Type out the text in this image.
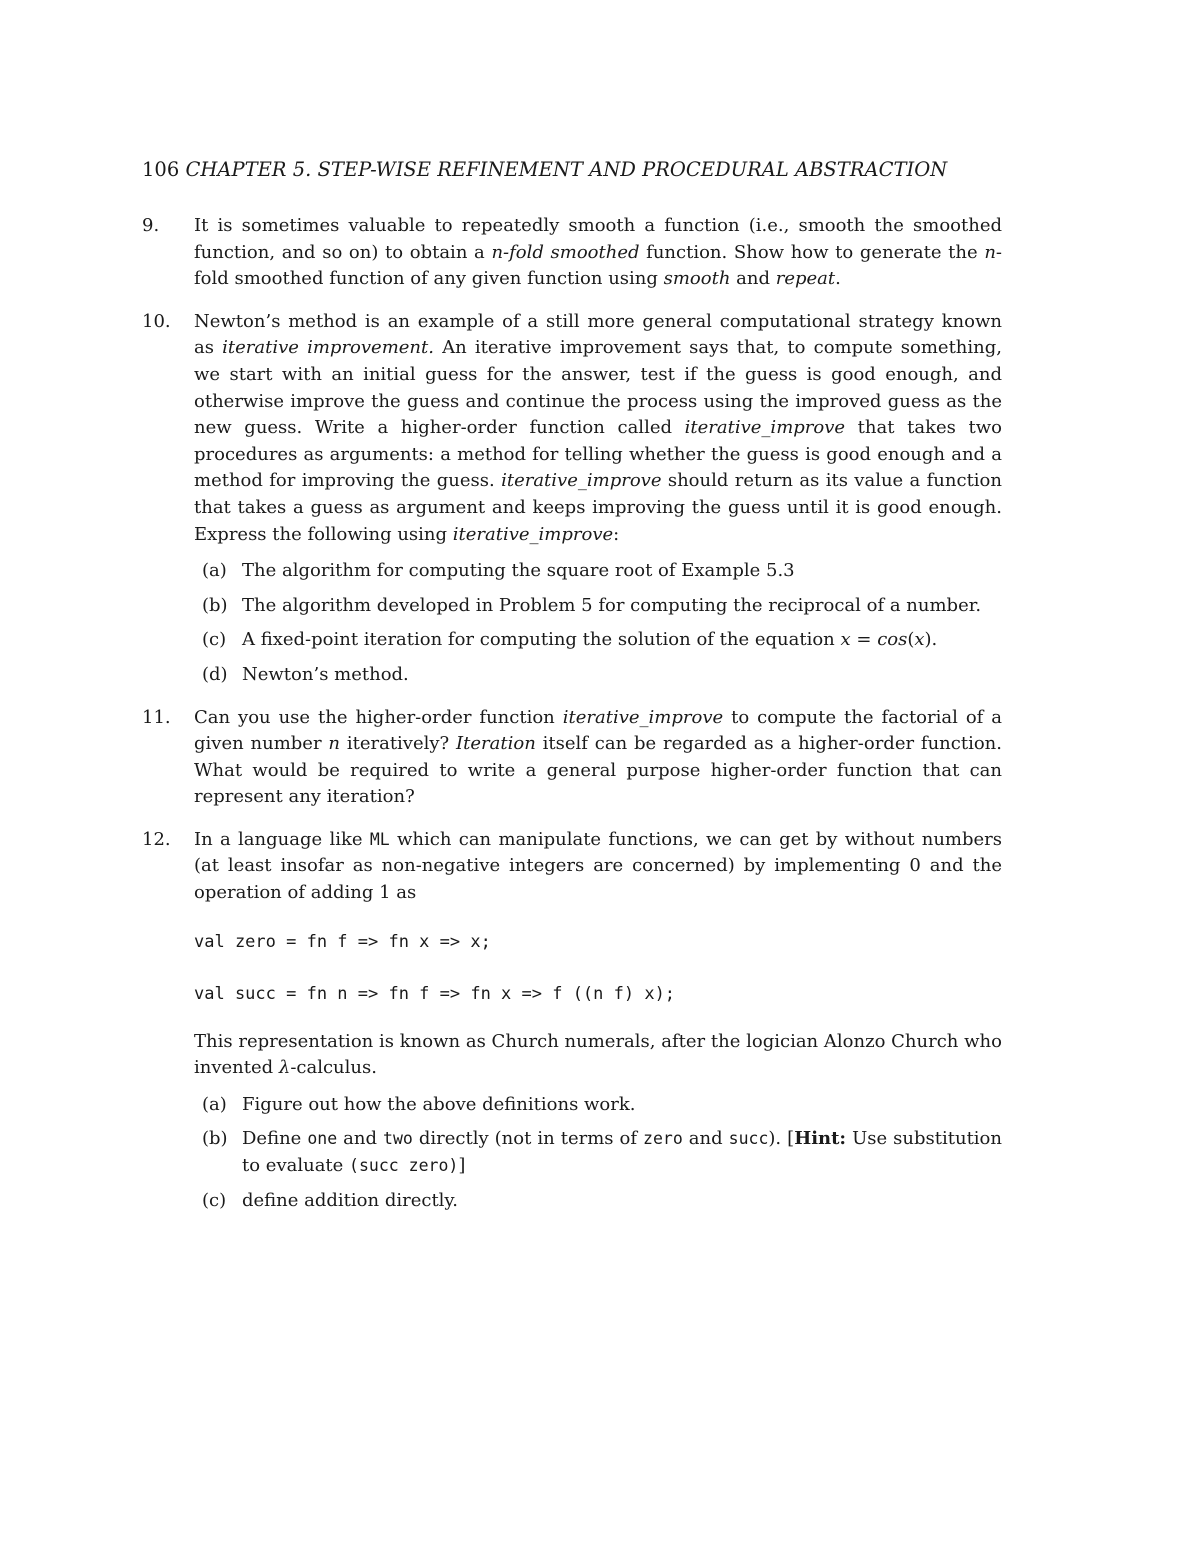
106 CHAPTER 5. STEP-WISE REFINEMENT AND PROCEDURAL ABSTRACTION
9.	It is sometimes valuable to repeatedly smooth a function (i.e., smooth the smoothed function, and so on) to obtain a n-fold smoothed function. Show how to generate the n-fold smoothed function of any given function using smooth and repeat.
10.	Newton’s method is an example of a still more general computational strategy known as iterative improvement. An iterative improvement says that, to compute something, we start with an initial guess for the answer, test if the guess is good enough, and otherwise improve the guess and continue the process using the improved guess as the new guess. Write a higher-order function called iterative_improve that takes two procedures as arguments: a method for telling whether the guess is good enough and a method for improving the guess. iterative_improve should return as its value a function that takes a guess as argument and keeps improving the guess until it is good enough. Express the following using iterative_improve:
(a) The algorithm for computing the square root of Example 5.3
(b) The algorithm developed in Problem 5 for computing the reciprocal of a number.
(c) A fixed-point iteration for computing the solution of the equation x = cos(x).
(d) Newton’s method.
11.	Can you use the higher-order function iterative_improve to compute the factorial of a given number n iteratively? Iteration itself can be regarded as a higher-order function. What would be required to write a general purpose higher-order function that can represent any iteration?
12.	In a language like ML which can manipulate functions, we can get by without numbers (at least insofar as non-negative integers are concerned) by implementing 0 and the operation of adding 1 as
val zero = fn f => fn x => x;
val succ = fn n => fn f => fn x => f ((n f) x);
This representation is known as Church numerals, after the logician Alonzo Church who invented λ-calculus.
(a) Figure out how the above definitions work.
(b) Define one and two directly (not in terms of zero and succ). [Hint: Use substitution to evaluate (succ zero)]
(c) define addition directly.
